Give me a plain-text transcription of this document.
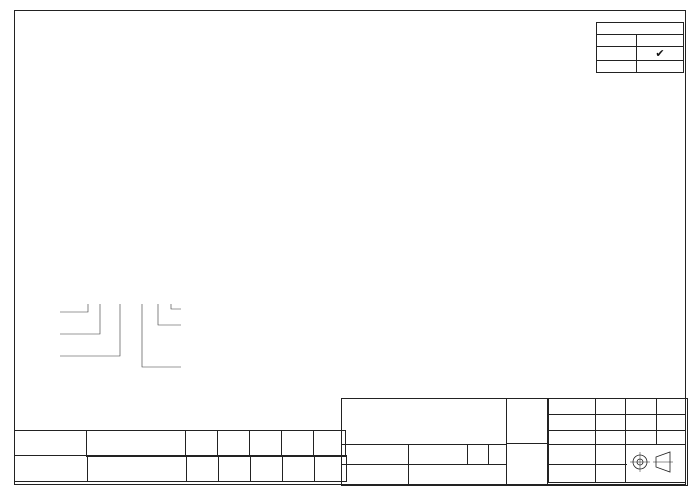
	✔
